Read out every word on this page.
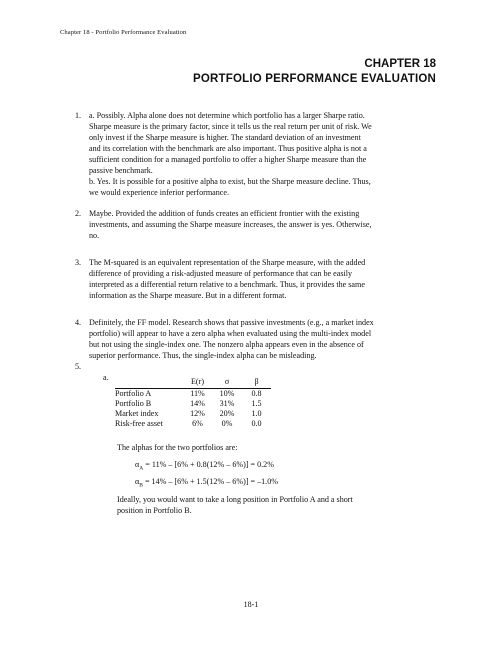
Chapter 18 - Portfolio Performance Evaluation
CHAPTER 18
PORTFOLIO PERFORMANCE EVALUATION
1. a. Possibly. Alpha alone does not determine which portfolio has a larger Sharpe ratio.
Sharpe measure is the primary factor, since it tells us the real return per unit of risk. We
only invest if the Sharpe measure is higher. The standard deviation of an investment
and its correlation with the benchmark are also important. Thus positive alpha is not a
sufficient condition for a managed portfolio to offer a higher Sharpe measure than the
passive benchmark.
b. Yes. It is possible for a positive alpha to exist, but the Sharpe measure decline. Thus,
we would experience inferior performance.
2. Maybe. Provided the addition of funds creates an efficient frontier with the existing
investments, and assuming the Sharpe measure increases, the answer is yes. Otherwise,
no.
3. The M-squared is an equivalent representation of the Sharpe measure, with the added
difference of providing a risk-adjusted measure of performance that can be easily
interpreted as a differential return relative to a benchmark. Thus, it provides the same
information as the Sharpe measure. But in a different format.
4. Definitely, the FF model. Research shows that passive investments (e.g., a market index
portfolio) will appear to have a zero alpha when evaluated using the multi-index model
but not using the single-index one. The nonzero alpha appears even in the absence of
superior performance. Thus, the single-index alpha can be misleading.
5.
a.
		E(r)	σ	β
Portfolio A	11%	10%	0.8
Portfolio B	14%	31%	1.5
Market index	12%	20%	1.0
Risk-free asset	6%	0%	0.0
The alphas for the two portfolios are:
$\alpha_A = 11\% - [6\% + 0.8(12\% - 6\%)] = 0.2\%$
$\alpha_B = 14\% - [6\% + 1.5(12\% - 6\%)] = -1.0\%$
Ideally, you would want to take a long position in Portfolio A and a short
position in Portfolio B.
18-1
